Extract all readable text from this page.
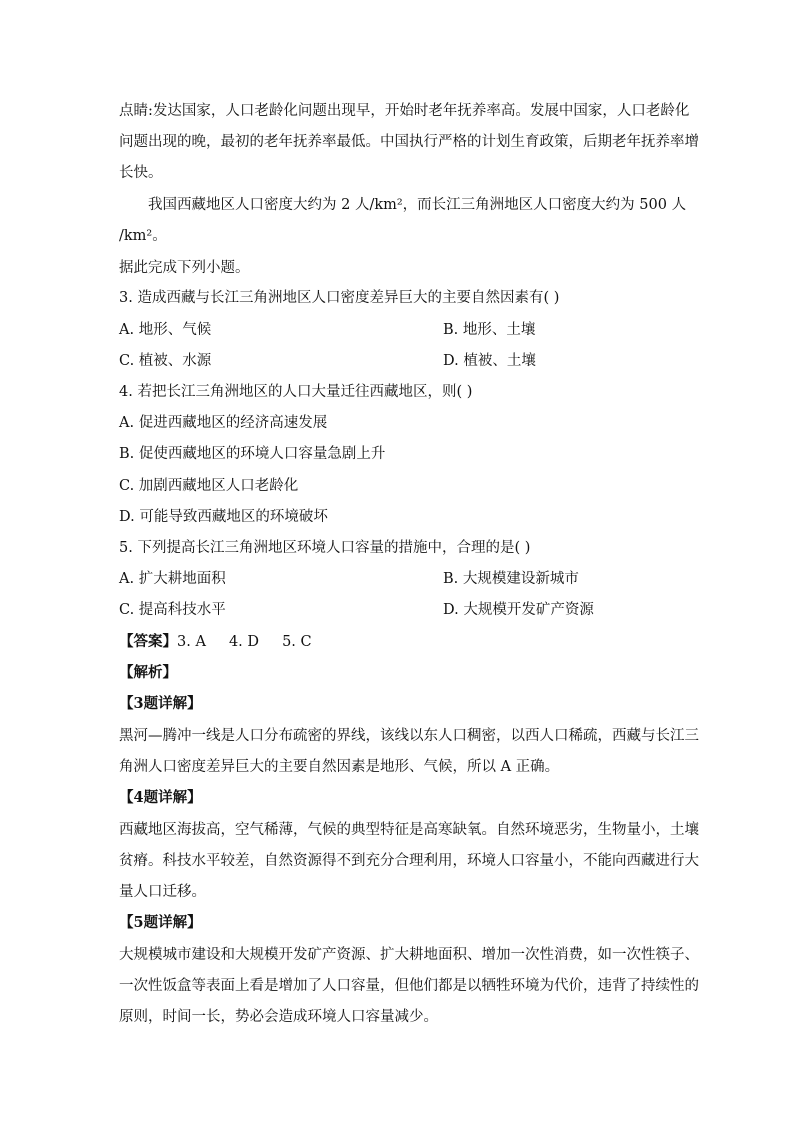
点睛:发达国家，人口老龄化问题出现早，开始时老年抚养率高。发展中国家，人口老龄化
问题出现的晚，最初的老年抚养率最低。中国执行严格的计划生育政策，后期老年抚养率增
长快。
我国西藏地区人口密度大约为 2 人/km²，而长江三角洲地区人口密度大约为 500 人
/km²。
据此完成下列小题。
3. 造成西藏与长江三角洲地区人口密度差异巨大的主要自然因素有( )
A. 地形、气候	B. 地形、土壤
C. 植被、水源	D. 植被、土壤
4. 若把长江三角洲地区的人口大量迁往西藏地区，则( )
A. 促进西藏地区的经济高速发展
B. 促使西藏地区的环境人口容量急剧上升
C. 加剧西藏地区人口老龄化
D. 可能导致西藏地区的环境破坏
5. 下列提高长江三角洲地区环境人口容量的措施中，合理的是( )
A. 扩大耕地面积	B. 大规模建设新城市
C. 提高科技水平	D. 大规模开发矿产资源
【答案】3. A     4. D     5. C
【解析】
【3题详解】
黑河—腾冲一线是人口分布疏密的界线，该线以东人口稠密，以西人口稀疏，西藏与长江三
角洲人口密度差异巨大的主要自然因素是地形、气候，所以 A 正确。
【4题详解】
西藏地区海拔高，空气稀薄，气候的典型特征是高寒缺氧。自然环境恶劣，生物量小，土壤
贫瘠。科技水平较差，自然资源得不到充分合理利用，环境人口容量小，不能向西藏进行大
量人口迁移。
【5题详解】
大规模城市建设和大规模开发矿产资源、扩大耕地面积、增加一次性消费，如一次性筷子、
一次性饭盒等表面上看是增加了人口容量，但他们都是以牺牲环境为代价，违背了持续性的
原则，时间一长，势必会造成环境人口容量减少。
